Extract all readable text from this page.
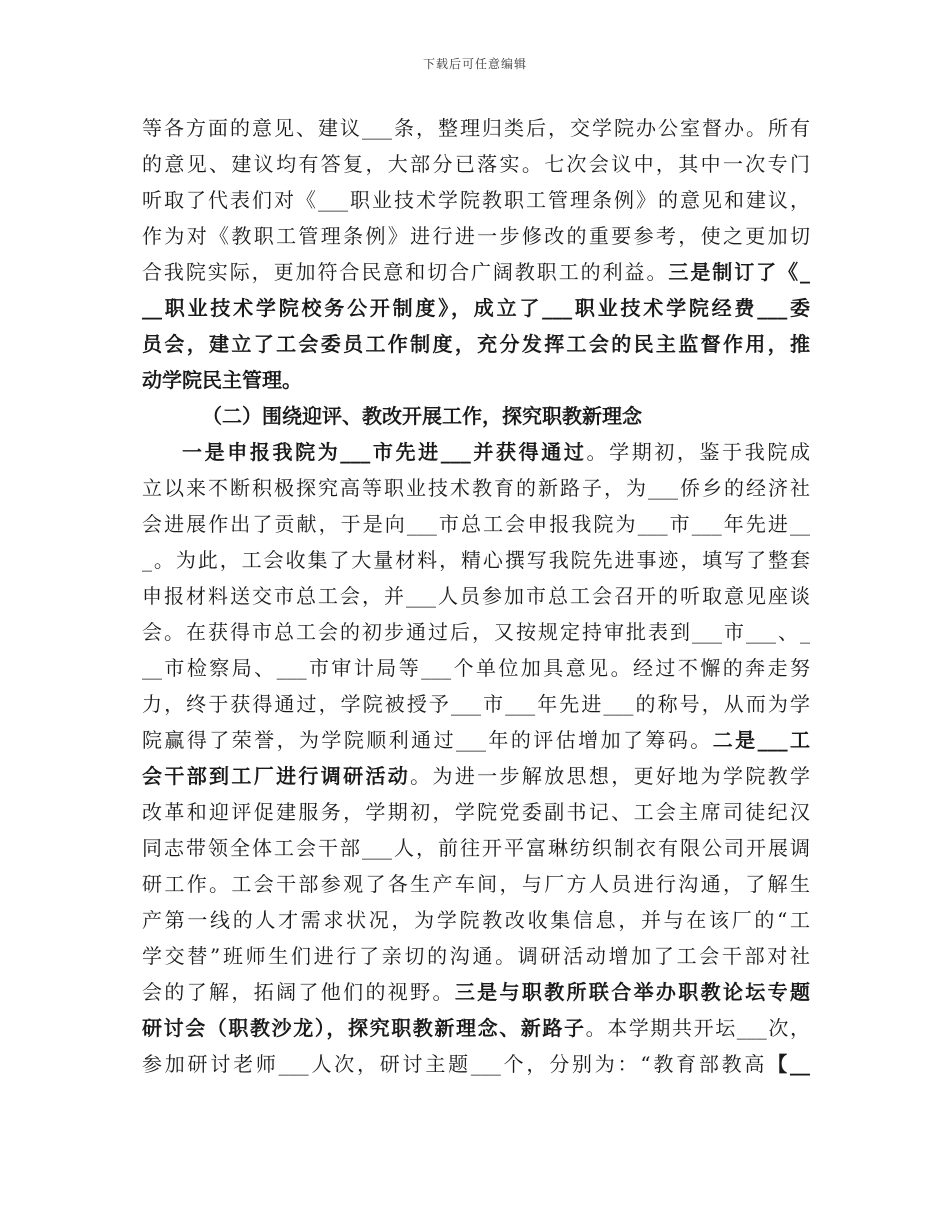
下载后可任意编辑
等各方面的意见、建议___条，整理归类后，交学院办公室督办。所有
的意见、建议均有答复，大部分已落实。七次会议中，其中一次专门
听取了代表们对《___职业技术学院教职工管理条例》的意见和建议，
作为对《教职工管理条例》进行进一步修改的重要参考，使之更加切
合我院实际，更加符合民意和切合广阔教职工的利益。三是制订了《_
__职业技术学院校务公开制度》，成立了___职业技术学院经费___委
员会，建立了工会委员工作制度，充分发挥工会的民主监督作用，推
动学院民主管理。
（二）围绕迎评、教改开展工作，探究职教新理念
一是申报我院为___市先进___并获得通过。学期初，鉴于我院成
立以来不断积极探究高等职业技术教育的新路子，为___侨乡的经济社
会进展作出了贡献，于是向___市总工会申报我院为___市___年先进__
_。为此，工会收集了大量材料，精心撰写我院先进事迹，填写了整套
申报材料送交市总工会，并___人员参加市总工会召开的听取意见座谈
会。在获得市总工会的初步通过后，又按规定持审批表到___市___、_
__市检察局、___市审计局等___个单位加具意见。经过不懈的奔走努
力，终于获得通过，学院被授予___市___年先进___的称号，从而为学
院赢得了荣誉，为学院顺利通过___年的评估增加了筹码。二是___工
会干部到工厂进行调研活动。为进一步解放思想，更好地为学院教学
改革和迎评促建服务，学期初，学院党委副书记、工会主席司徒纪汉
同志带领全体工会干部___人，前往开平富琳纺织制衣有限公司开展调
研工作。工会干部参观了各生产车间，与厂方人员进行沟通，了解生
产第一线的人才需求状况，为学院教改收集信息，并与在该厂的“工
学交替”班师生们进行了亲切的沟通。调研活动增加了工会干部对社
会的了解，拓阔了他们的视野。三是与职教所联合举办职教论坛专题
研讨会（职教沙龙），探究职教新理念、新路子。本学期共开坛___次，
参加研讨老师___人次，研讨主题___个，分别为：“教育部教高【__
